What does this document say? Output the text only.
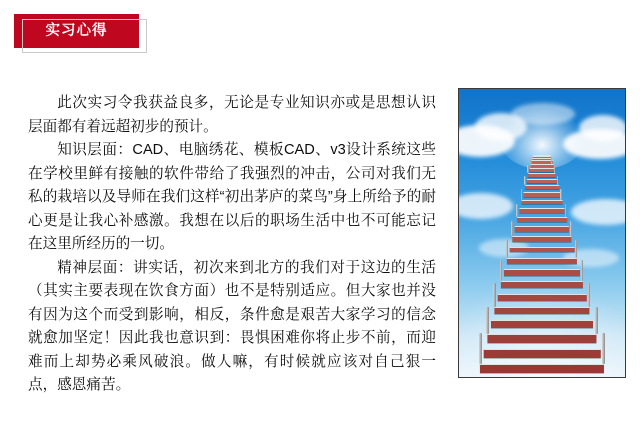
实习心得

此次实习令我获益良多，无论是专业知识亦或是思想认识层面都有着远超初步的预计。

知识层面：CAD、电脑绣花、模板CAD、v3设计系统这些在学校里鲜有接触的软件带给了我强烈的冲击，公司对我们无私的栽培以及导师在我们这样“初出茅庐的菜鸟”身上所给予的耐心更是让我心补感激。我想在以后的职场生活中也不可能忘记在这里所经历的一切。

精神层面：讲实话，初次来到北方的我们对于这边的生活（其实主要表现在饮食方面）也不是特别适应。但大家也并没有因为这个而受到影响，相反，条件愈是艰苦大家学习的信念就愈加坚定！因此我也意识到：畏惧困难你将止步不前，而迎难而上却势必乘风破浪。做人嘛，有时候就应该对自己狠一点，感恩痛苦。
